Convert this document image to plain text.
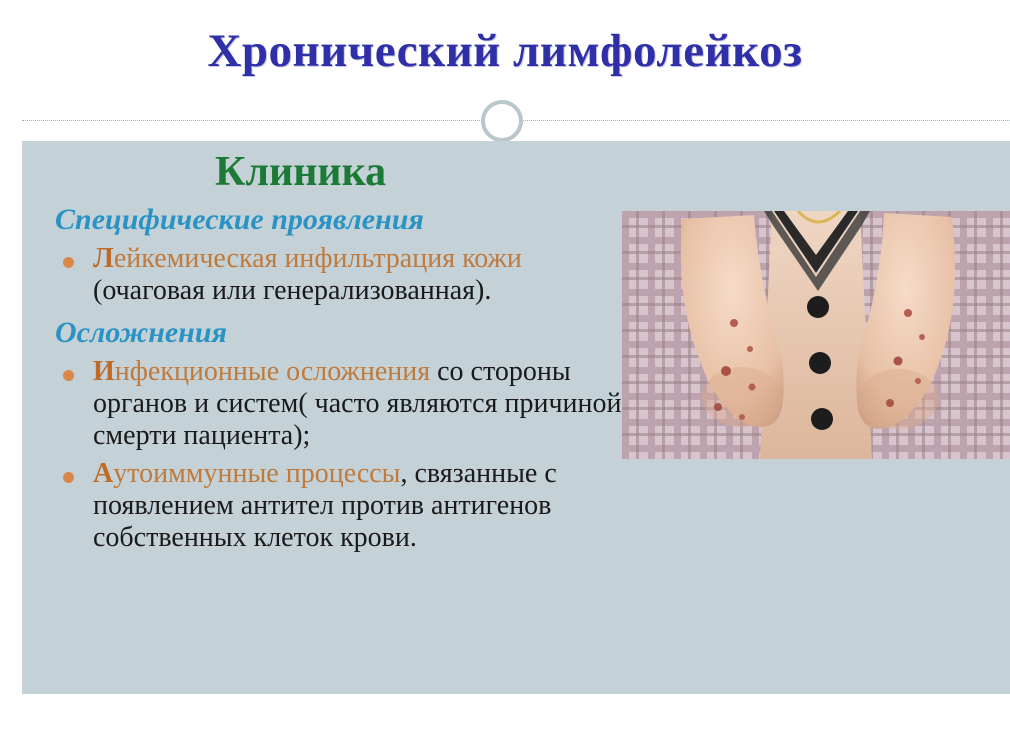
Хронический лимфолейкоз
Клиника

Специфические проявления

Лейкемическая инфильтрация кожи (очаговая или генерализованная).

Осложнения

Инфекционные осложнения со стороны органов и систем( часто являются причиной смерти пациента);

Аутоиммунные процессы, связанные с появлением антител против антигенов собственных клеток крови.
